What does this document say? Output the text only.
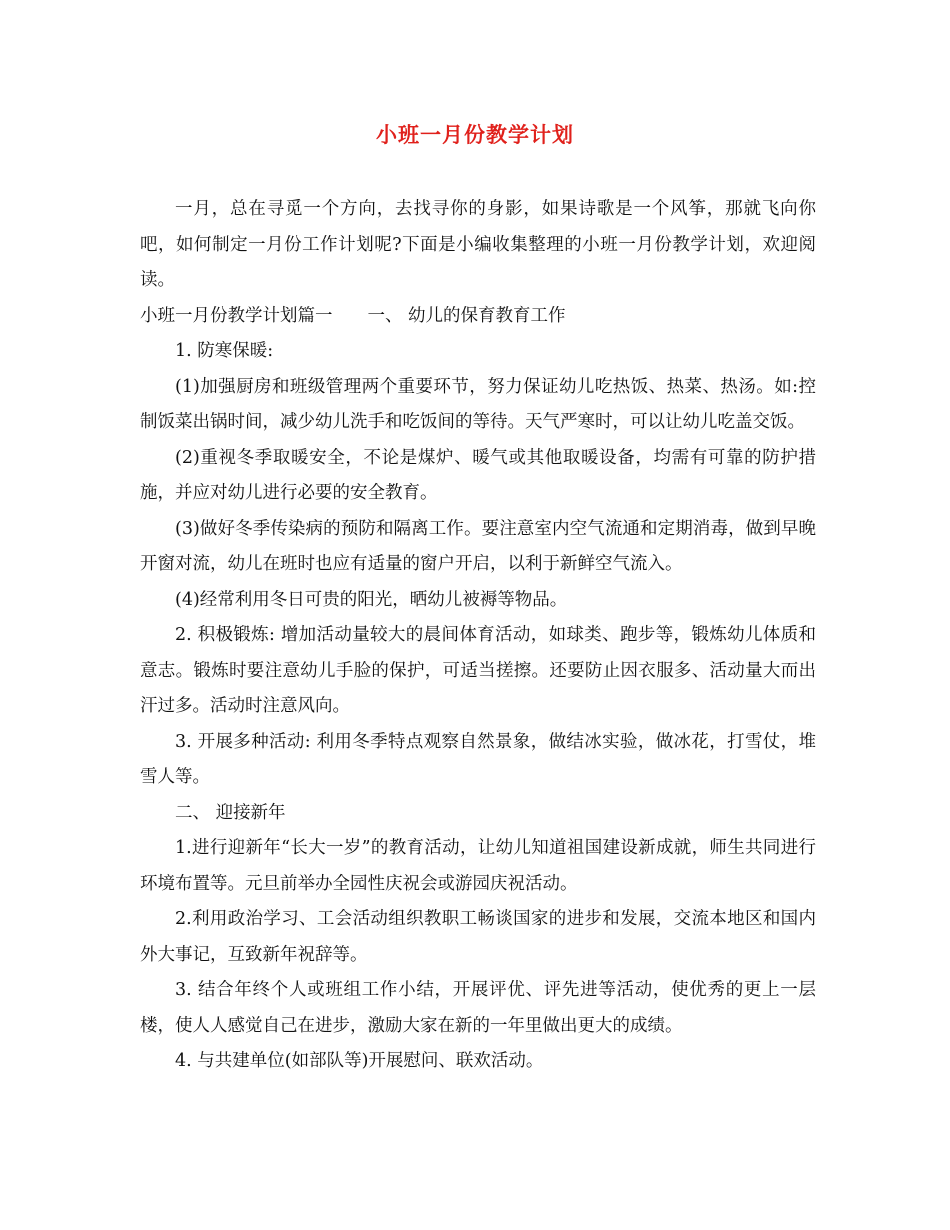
小班一月份教学计划

一月，总在寻觅一个方向，去找寻你的身影，如果诗歌是一个风筝，那就飞向你吧，如何制定一月份工作计划呢?下面是小编收集整理的小班一月份教学计划，欢迎阅读。

小班一月份教学计划篇一　　一、 幼儿的保育教育工作

1. 防寒保暖:

(1)加强厨房和班级管理两个重要环节，努力保证幼儿吃热饭、热菜、热汤。如:控制饭菜出锅时间，减少幼儿洗手和吃饭间的等待。天气严寒时，可以让幼儿吃盖交饭。

(2)重视冬季取暖安全，不论是煤炉、暖气或其他取暖设备，均需有可靠的防护措施，并应对幼儿进行必要的安全教育。

(3)做好冬季传染病的预防和隔离工作。要注意室内空气流通和定期消毒，做到早晚开窗对流，幼儿在班时也应有适量的窗户开启，以利于新鲜空气流入。

(4)经常利用冬日可贵的阳光，晒幼儿被褥等物品。

2. 积极锻炼: 增加活动量较大的晨间体育活动，如球类、跑步等，锻炼幼儿体质和意志。锻炼时要注意幼儿手脸的保护，可适当搓擦。还要防止因衣服多、活动量大而出汗过多。活动时注意风向。

3. 开展多种活动: 利用冬季特点观察自然景象，做结冰实验，做冰花，打雪仗，堆雪人等。

二、 迎接新年

1.进行迎新年“长大一岁”的教育活动，让幼儿知道祖国建设新成就，师生共同进行环境布置等。元旦前举办全园性庆祝会或游园庆祝活动。

2.利用政治学习、工会活动组织教职工畅谈国家的进步和发展，交流本地区和国内外大事记，互致新年祝辞等。

3. 结合年终个人或班组工作小结，开展评优、评先进等活动，使优秀的更上一层楼，使人人感觉自己在进步，激励大家在新的一年里做出更大的成绩。

4. 与共建单位(如部队等)开展慰问、联欢活动。
